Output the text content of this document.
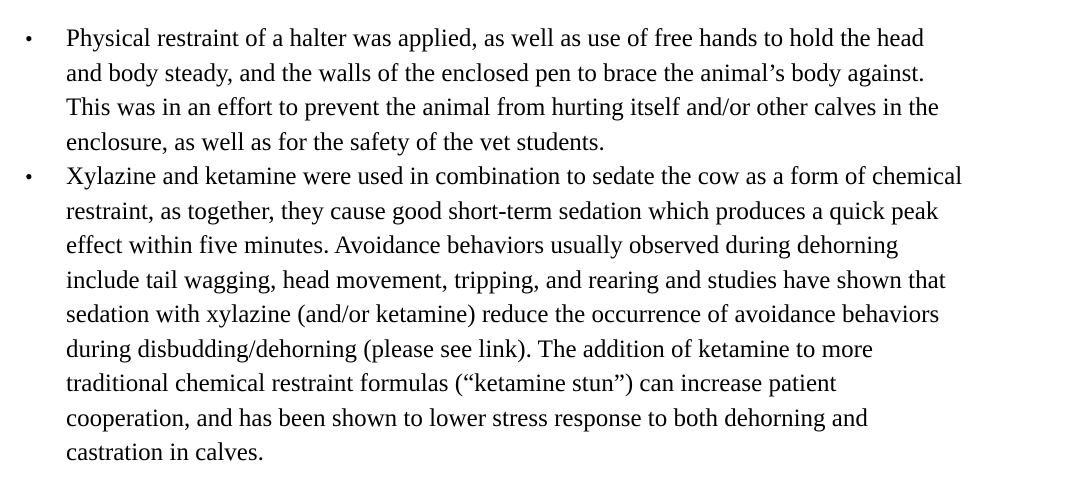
•	Physical restraint of a halter was applied, as well as use of free hands to hold the head
and body steady, and the walls of the enclosed pen to brace the animal’s body against.
This was in an effort to prevent the animal from hurting itself and/or other calves in the
enclosure, as well as for the safety of the vet students.
•	Xylazine and ketamine were used in combination to sedate the cow as a form of chemical
restraint, as together, they cause good short-term sedation which produces a quick peak
effect within five minutes. Avoidance behaviors usually observed during dehorning
include tail wagging, head movement, tripping, and rearing and studies have shown that
sedation with xylazine (and/or ketamine) reduce the occurrence of avoidance behaviors
during disbudding/dehorning (please see link). The addition of ketamine to more
traditional chemical restraint formulas (“ketamine stun”) can increase patient
cooperation, and has been shown to lower stress response to both dehorning and
castration in calves.
